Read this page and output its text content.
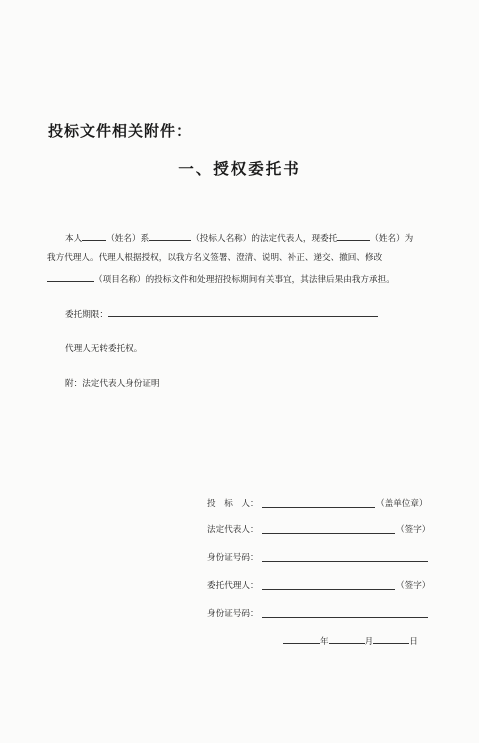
投标文件相关附件：
一、授权委托书
本人	（姓名）系	（投标人名称）的法定代表人，现委托	（姓名）为
我方代理人。代理人根据授权，以我方名义签署、澄清、说明、补正、递交、撤回、修改
（项目名称）的投标文件和处理招投标期间有关事宜，其法律后果由我方承担。
委托期限：
代理人无转委托权。
附：法定代表人身份证明
投　标　人：	（盖单位章）
法定代表人：	（签字）
身份证号码：
委托代理人：	（签字）
身份证号码：
年	月	日
